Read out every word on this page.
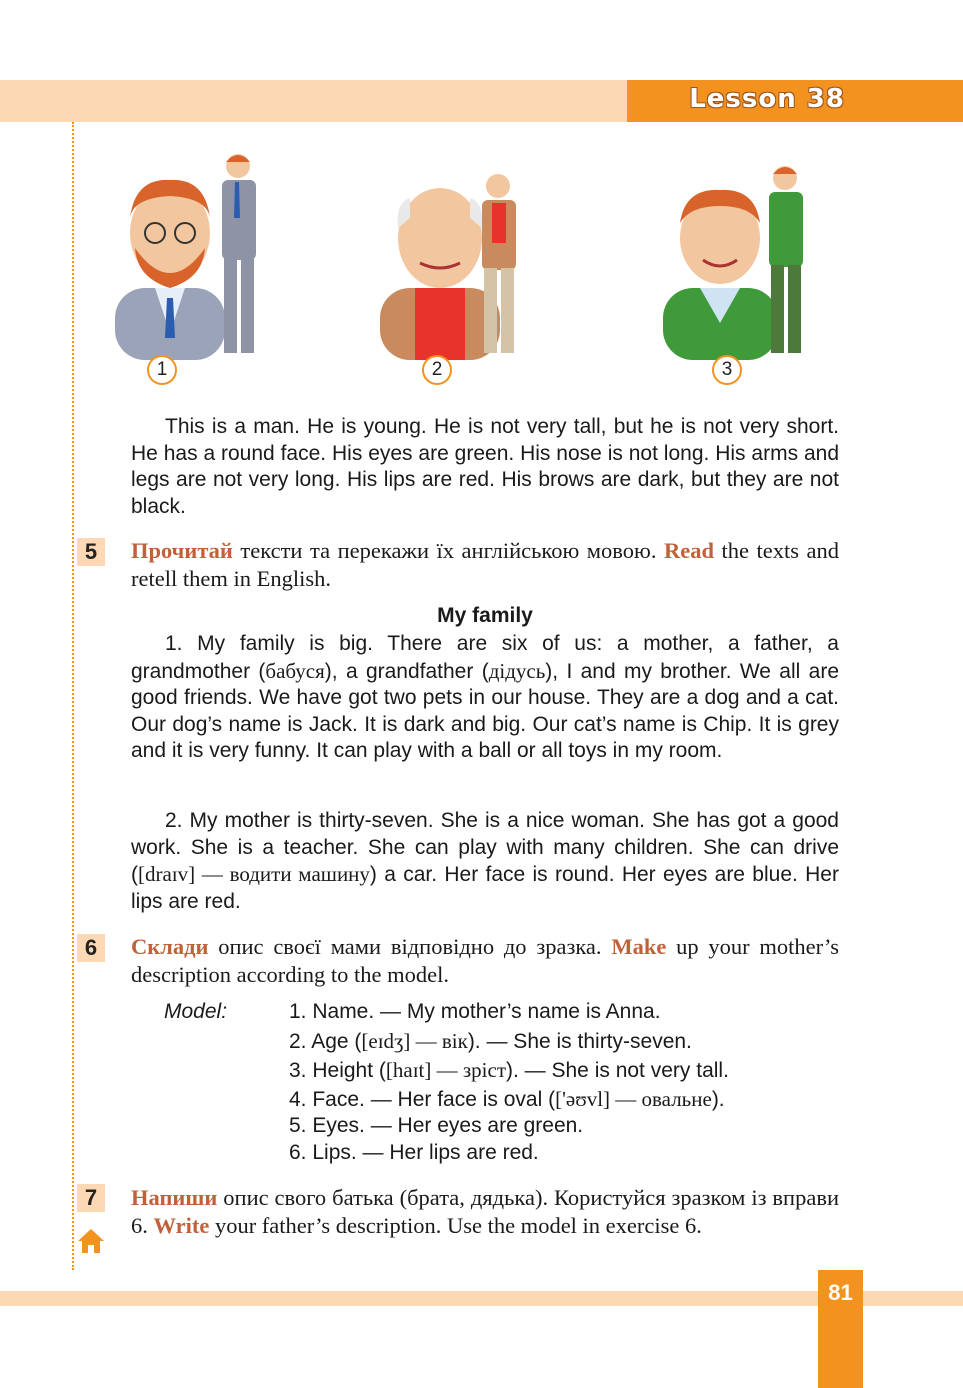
Lesson 38
1	2	3
This is a man. He is young. He is not very tall, but he is not very short. He has a round face. His eyes are green. His nose is not long. His arms and legs are not very long. His lips are red. His brows are dark, but they are not black.
5	Прочитай тексти та перекажи їх англійською мовою. Read the texts and retell them in English.
My family
1. My family is big. There are six of us: a mother, a father, a grandmother (бабуся), a grandfather (дідусь), I and my brother. We all are good friends. We have got two pets in our house. They are a dog and a cat. Our dog’s name is Jack. It is dark and big. Our cat’s name is Chip. It is grey and it is very funny. It can play with a ball or all toys in my room.
2. My mother is thirty-seven. She is a nice woman. She has got a good work. She is a teacher. She can play with many children. She can drive ([draɪv] — водити машину) a car. Her face is round. Her eyes are blue. Her lips are red.
6	Склади опис своєї мами відповідно до зразка. Make up your mother’s description according to the model.
Model:	1. Name. — My mother’s name is Anna.
2. Age ([eɪdʒ] — вік). — She is thirty-seven.
3. Height ([haɪt] — зріст). — She is not very tall.
4. Face. — Her face is oval (['əʊvl] — овальне).
5. Eyes. — Her eyes are green.
6. Lips. — Her lips are red.
7	Напиши опис свого батька (брата, дядька). Користуйся зразком із вправи 6. Write your father’s description. Use the model in exercise 6.
81
